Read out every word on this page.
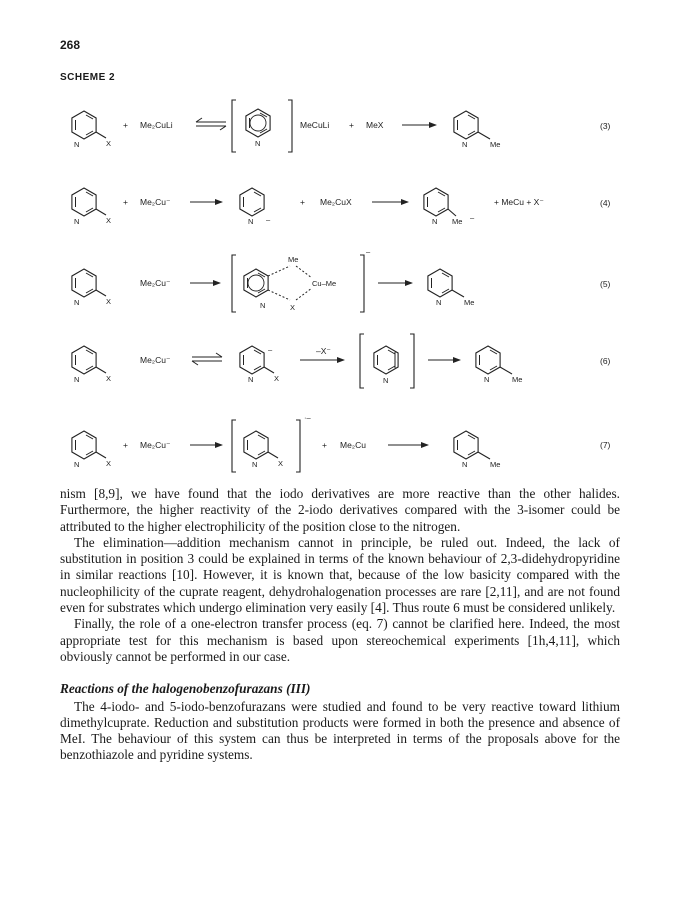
268
SCHEME 2
N	X
+ Me₂CuLi
N
MeCuLi + MeX
N	Me
(3)
N	X
+ Me₂Cu⁻
N –
+ Me₂CuX
N Me –
+ MeCu + X⁻	(4)
N	X
Me₂Cu⁻
Me
Cu–Me
X
N
–
N	Me
(5)
N	X
Me₂Cu⁻
N
–
X
–X⁻
N	N	Me
(6)
N	X
+ Me₂Cu⁻
N	X
·–
+ Me₂Cu
N	Me
(7)

nism [8,9], we have found that the iodo derivatives are more reactive than the other halides. Furthermore, the higher reactivity of the 2-iodo derivatives compared with the 3-isomer could be attributed to the higher electrophilicity of the position close to the nitrogen.

The elimination—addition mechanism cannot in principle, be ruled out. Indeed, the lack of substitution in position 3 could be explained in terms of the known behaviour of 2,3-didehydropyridine in similar reactions [10]. However, it is known that, because of the low basicity compared with the nucleophilicity of the cuprate reagent, dehydrohalogenation processes are rare [2,11], and are not found even for substrates which undergo elimination very easily [4]. Thus route 6 must be considered unlikely.

Finally, the role of a one-electron transfer process (eq. 7) cannot be clarified here. Indeed, the most appropriate test for this mechanism is based upon stereochemical experiments [1h,4,11], which obviously cannot be performed in our case.

Reactions of the halogenobenzofurazans (III)

The 4-iodo- and 5-iodo-benzofurazans were studied and found to be very reactive toward lithium dimethylcuprate. Reduction and substitution products were formed in both the presence and absence of MeI. The behaviour of this system can thus be interpreted in terms of the proposals above for the benzothiazole and pyridine systems.
